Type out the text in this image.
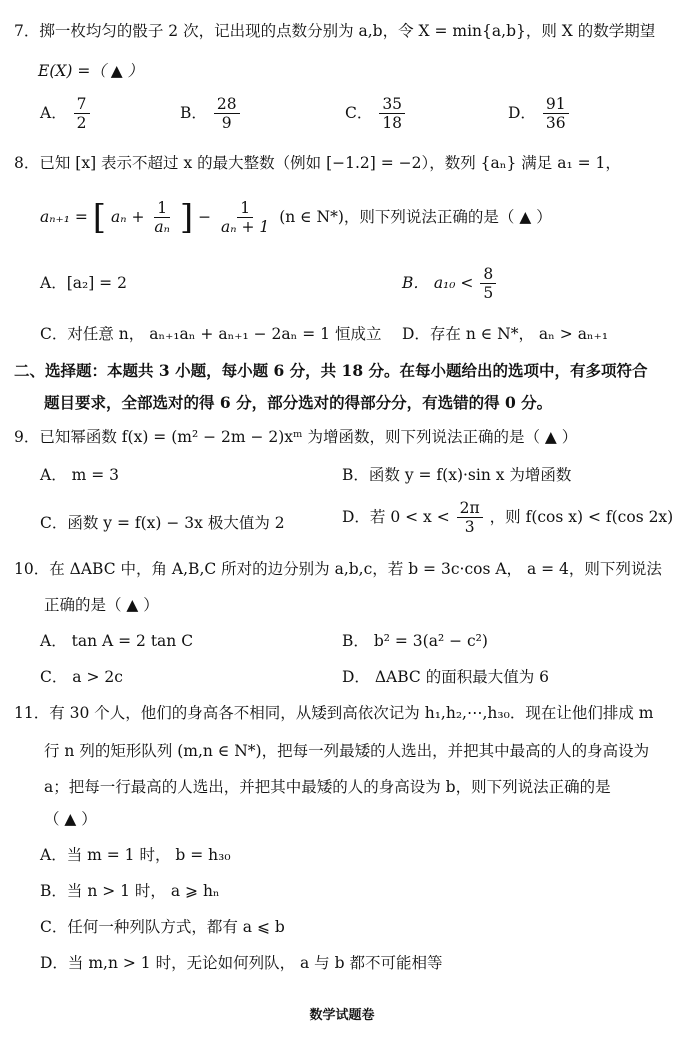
7．掷一枚均匀的骰子 2 次，记出现的点数分别为 a,b，令 X = min{a,b}，则 X 的数学期望
E(X) =（ ▲ ）
A． $\frac{7}{2}$	B． $\frac{28}{9}$	C． $\frac{35}{18}$	D． $\frac{91}{36}$
8．已知 [x] 表示不超过 x 的最大整数（例如 [−1.2] = −2），数列 {aₙ} 满足 a₁ = 1，
aₙ₊₁ = [ $a_n + \frac{1}{\text{aₙ}}$ ] − $\frac{1}{\text{aₙ + 1}} (n$ ∈ N*)，则下列说法正确的是（ ▲ ）
A．[a₂] = 2	B． $a_{10} < \frac{8}{5}$
C．对任意 n， aₙ₊₁aₙ + aₙ₊₁ − 2aₙ = 1 恒成立 D．存在 n ∈ N*， aₙ > aₙ₊₁
二、选择题：本题共 3 小题，每小题 6 分，共 18 分。在每小题给出的选项中，有多项符合
题目要求，全部选对的得 6 分，部分选对的得部分分，有选错的得 0 分。
9．已知幂函数 f(x) = (m² − 2m − 2)xᵐ 为增函数，则下列说法正确的是（ ▲ ）
A． m = 3	B．函数 y = f(x)·sin x 为增函数
C．函数 y = f(x) − 3x 极大值为 2	D．若 $0 < x < \frac{2\pi}{3}$ ，则 f(cos x) < f(cos 2x)
10．在 ΔABC 中，角 A,B,C 所对的边分别为 a,b,c，若 b = 3c·cos A， a = 4，则下列说法
正确的是（ ▲ ）
A． tan A = 2 tan C	B． b² = 3(a² − c²)
C． a > 2c	D． ΔABC 的面积最大值为 6
11．有 30 个人，他们的身高各不相同，从矮到高依次记为 h₁,h₂,⋯,h₃₀．现在让他们排成 m
行 n 列的矩形队列 (m,n ∈ N*)，把每一列最矮的人选出，并把其中最高的人的身高设为
a；把每一行最高的人选出，并把其中最矮的人的身高设为 b，则下列说法正确的是
（ ▲ ）
A．当 m = 1 时， b = h₃₀
B．当 n > 1 时， a ⩾ hₙ
C．任何一种列队方式，都有 a ⩽ b
D．当 m,n > 1 时，无论如何列队， a 与 b 都不可能相等
数学试题卷
